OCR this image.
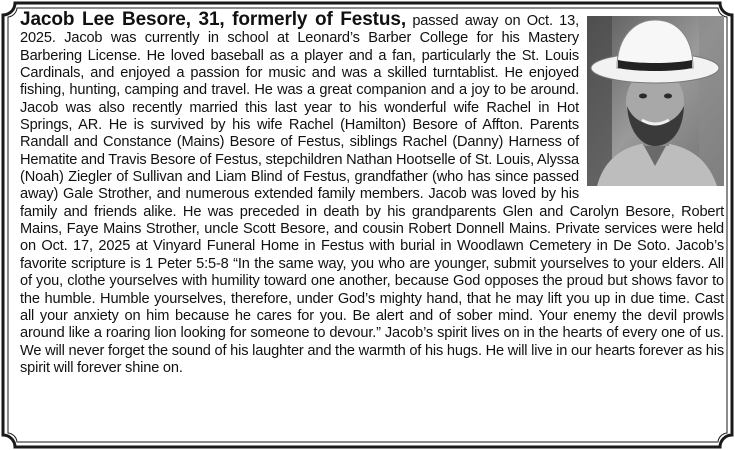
Jacob Lee Besore, 31, formerly of Festus, passed away on Oct. 13, 2025. Jacob was currently in school at Leonard’s Barber College for his Mastery Barbering License. He loved baseball as a player and a fan, particularly the St. Louis Cardinals, and enjoyed a passion for music and was a skilled turntablist. He enjoyed fishing, hunting, camping and travel. He was a great companion and a joy to be around. Jacob was also recently married this last year to his wonderful wife Rachel in Hot Springs, AR. He is survived by his wife Rachel (Hamilton) Besore of Affton. Parents Randall and Constance (Mains) Besore of Festus, siblings Rachel (Danny) Harness of Hematite and Travis Besore of Festus, stepchildren Nathan Hootselle of St. Louis, Alyssa (Noah) Ziegler of Sullivan and Liam Blind of Festus, grandfather (who has since passed away) Gale Strother, and numerous extended family members. Jacob was loved by his family and friends alike. He was preceded in death by his grandparents Glen and Carolyn Besore, Robert Mains, Faye Mains Strother, uncle Scott Besore, and cousin Robert Donnell Mains. Private services were held on Oct. 17, 2025 at Vinyard Funeral Home in Festus with burial in Woodlawn Cemetery in De Soto. Jacob’s favorite scripture is 1 Peter 5:5-8 “In the same way, you who are younger, submit yourselves to your elders. All of you, clothe yourselves with humility toward one another, because God opposes the proud but shows favor to the humble. Humble yourselves, therefore, under God’s mighty hand, that he may lift you up in due time. Cast all your anxiety on him because he cares for you. Be alert and of sober mind. Your enemy the devil prowls around like a roaring lion looking for someone to devour.” Jacob’s spirit lives on in the hearts of every one of us. We will never forget the sound of his laughter and the warmth of his hugs. He will live in our hearts forever as his spirit will forever shine on.
